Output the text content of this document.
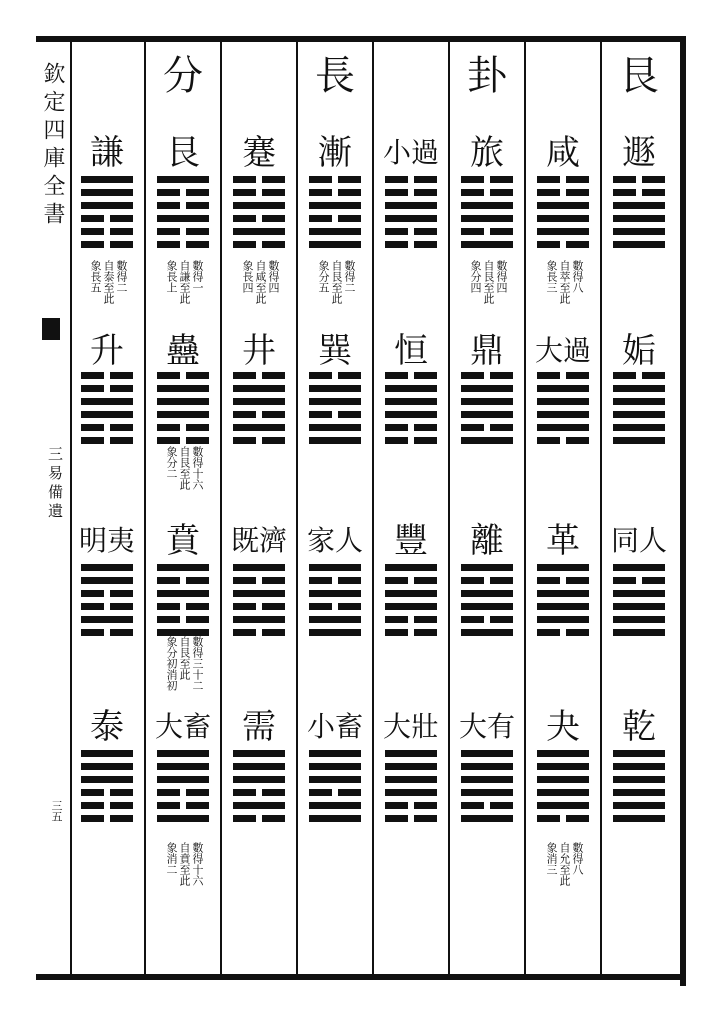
欽定四庫全書
三易備遺
三五
謙
升
明夷
泰
數得二
自泰至此
象長五
分
艮
蠱
賁
大畜
數得一
自謙至此
象長上
數得十六
自艮至此
象分二
數得三十二
自艮至此
象分初消初
數得十六
自賁至此
象消二
蹇
井
既濟
需
數得四
自咸至此
象長四
長
漸
巽
家人
小畜
數得二
自艮至此
象分五
小過
恒
豐
大壯
卦
旅
鼎
離
大有
數得四
自艮至此
象分四
咸
大過
革
夬
數得八
自萃至此
象長三
數得八
自允至此
象消三
艮
遯
姤
同人
乾
